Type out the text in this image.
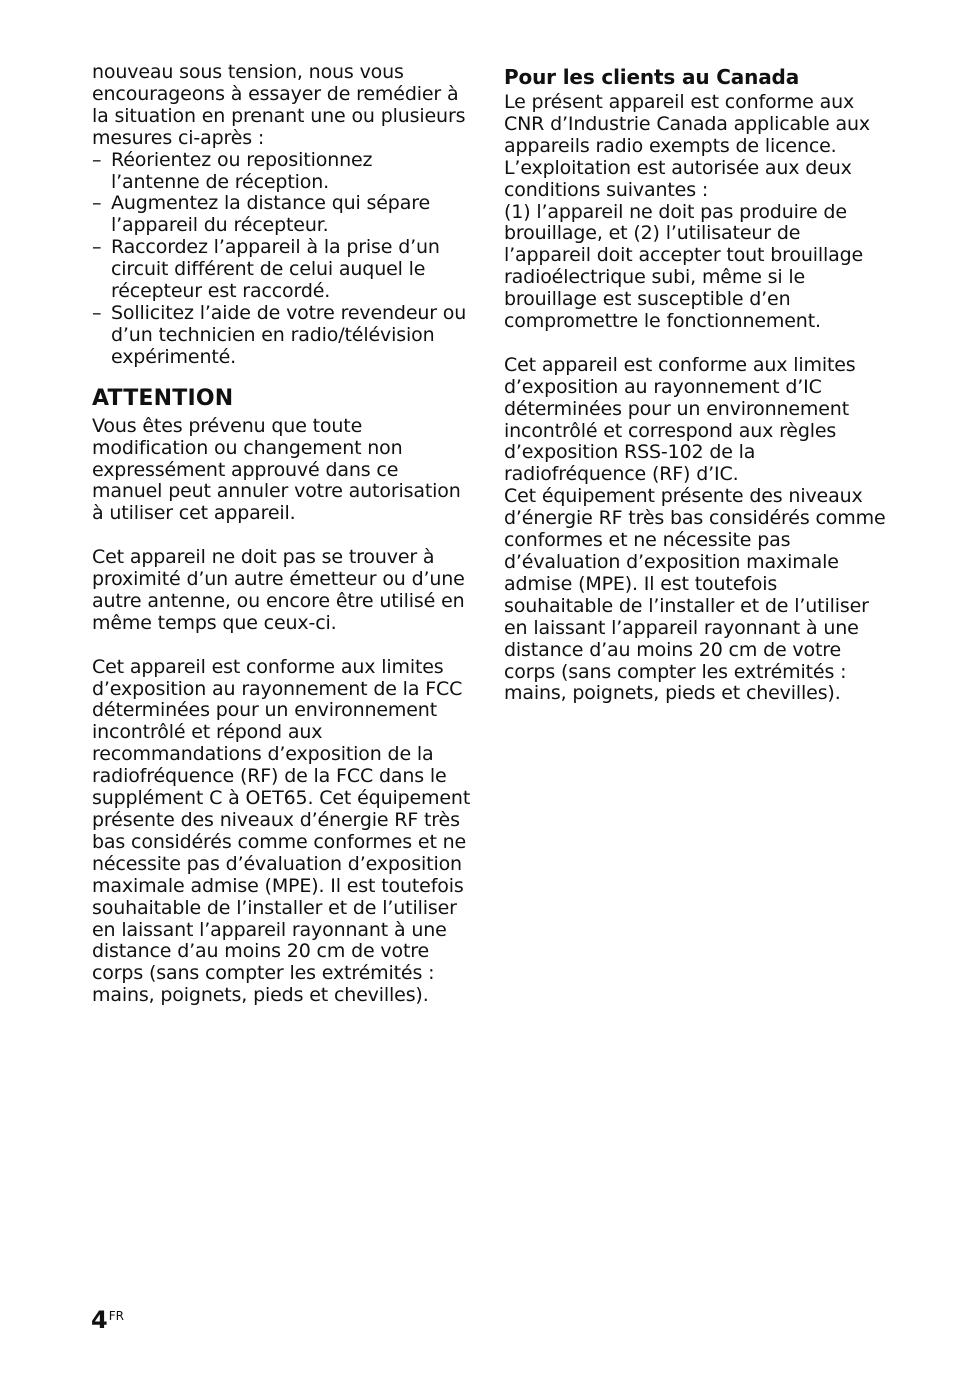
nouveau sous tension, nous vous
encourageons à essayer de remédier à
la situation en prenant une ou plusieurs
mesures ci-après :

– Réorientez ou repositionnez
l’antenne de réception.
– Augmentez la distance qui sépare
l’appareil du récepteur.
– Raccordez l’appareil à la prise d’un
circuit différent de celui auquel le
récepteur est raccordé.
– Sollicitez l’aide de votre revendeur ou
d’un technicien en radio/télévision
expérimenté.
ATTENTION

Vous êtes prévenu que toute
modification ou changement non
expressément approuvé dans ce
manuel peut annuler votre autorisation
à utiliser cet appareil.

Cet appareil ne doit pas se trouver à
proximité d’un autre émetteur ou d’une
autre antenne, ou encore être utilisé en
même temps que ceux-ci.

Cet appareil est conforme aux limites
d’exposition au rayonnement de la FCC
déterminées pour un environnement
incontrôlé et répond aux
recommandations d’exposition de la
radiofréquence (RF) de la FCC dans le
supplément C à OET65. Cet équipement
présente des niveaux d’énergie RF très
bas considérés comme conformes et ne
nécessite pas d’évaluation d’exposition
maximale admise (MPE). Il est toutefois
souhaitable de l’installer et de l’utiliser
en laissant l’appareil rayonnant à une
distance d’au moins 20 cm de votre
corps (sans compter les extrémités :
mains, poignets, pieds et chevilles).

Pour les clients au Canada

Le présent appareil est conforme aux
CNR d’Industrie Canada applicable aux
appareils radio exempts de licence.
L’exploitation est autorisée aux deux
conditions suivantes :
(1) l’appareil ne doit pas produire de
brouillage, et (2) l’utilisateur de
l’appareil doit accepter tout brouillage
radioélectrique subi, même si le
brouillage est susceptible d’en
compromettre le fonctionnement.

Cet appareil est conforme aux limites
d’exposition au rayonnement d’IC
déterminées pour un environnement
incontrôlé et correspond aux règles
d’exposition RSS-102 de la
radiofréquence (RF) d’IC.
Cet équipement présente des niveaux
d’énergie RF très bas considérés comme
conformes et ne nécessite pas
d’évaluation d’exposition maximale
admise (MPE). Il est toutefois
souhaitable de l’installer et de l’utiliser
en laissant l’appareil rayonnant à une
distance d’au moins 20 cm de votre
corps (sans compter les extrémités :
mains, poignets, pieds et chevilles).

$4^{FR}$
